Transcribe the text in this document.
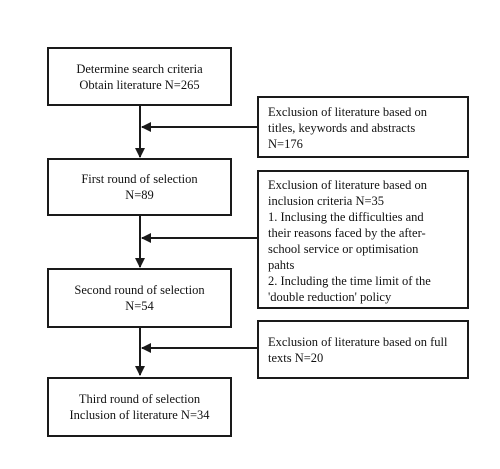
Determine search criteria
Obtain literature N=265
First round of selection
N=89
Second round of selection
N=54
Third round of selection
Inclusion of literature N=34
Exclusion of literature based on
titles, keywords and abstracts
N=176
Exclusion of literature based on
inclusion criteria N=35
1. Inclusing the difficulties and
their reasons faced by the after-
school service or optimisation
pahts
2. Including the time limit of the
'double reduction' policy
Exclusion of literature based on full
texts N=20
